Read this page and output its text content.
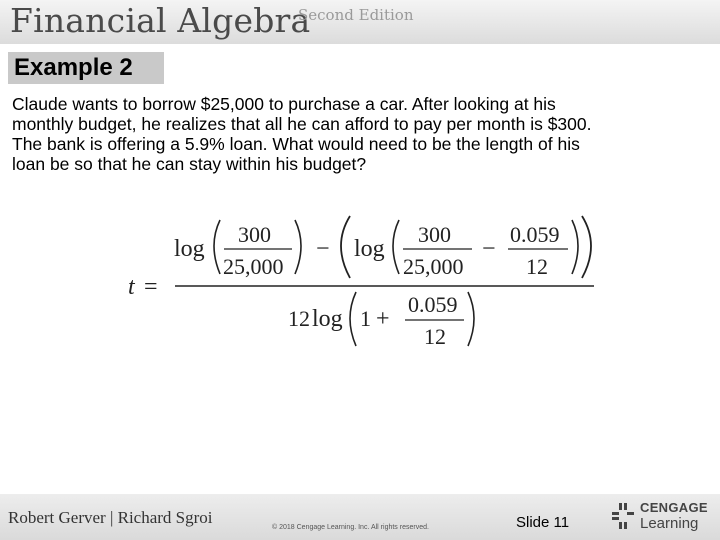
Financial Algebra
Second Edition
Example 2
Claude wants to borrow $25,000 to purchase a car. After looking at his
monthly budget, he realizes that all he can afford to pay per month is $300.
The bank is offering a 5.9% loan. What would need to be the length of his
loan be so that he can stay within his budget?
t =
log
300
25,000
− log
300
25,000
−
0.059
12
12 log 1 +
0.059
12
Robert Gerver | Richard Sgroi
© 2018 Cengage Learning. Inc. All rights reserved.	Slide 11
CENGAGE
Learning
